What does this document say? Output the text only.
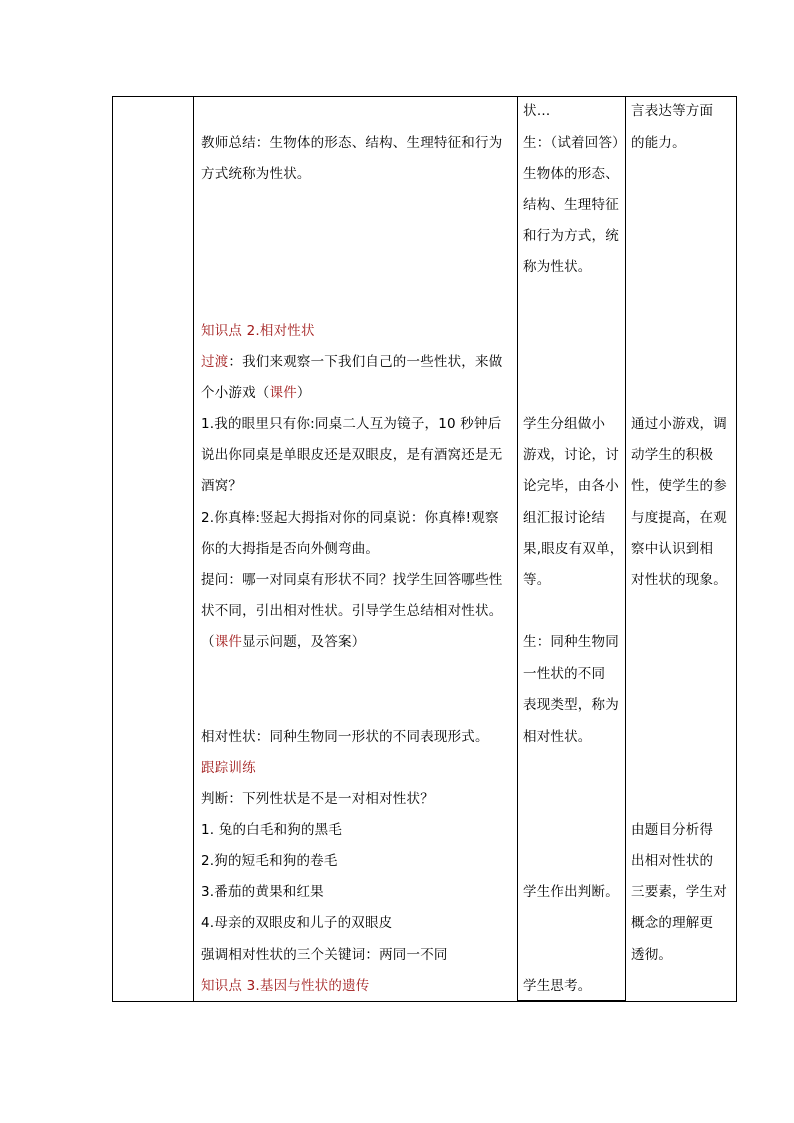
教师总结：生物体的形态、结构、生理特征和行为
方式统称为性状。
知识点 2.相对性状
过渡：我们来观察一下我们自己的一些性状，来做
个小游戏（课件）
1.我的眼里只有你:同桌二人互为镜子，10 秒钟后
说出你同桌是单眼皮还是双眼皮，是有酒窝还是无
酒窝？
2.你真棒:竖起大拇指对你的同桌说：你真棒!观察
你的大拇指是否向外侧弯曲。
提问：哪一对同桌有形状不同？找学生回答哪些性
状不同，引出相对性状。引导学生总结相对性状。
（课件显示问题，及答案）
相对性状：同种生物同一形状的不同表现形式。
跟踪训练
判断：下列性状是不是一对相对性状？
1. 兔的白毛和狗的黑毛
2.狗的短毛和狗的卷毛
3.番茄的黄果和红果
4.母亲的双眼皮和儿子的双眼皮
强调相对性状的三个关键词：两同一不同
知识点 3.基因与性状的遗传
状…
生：（试着回答）
生物体的形态、
结构、生理特征
和行为方式，统
称为性状。
学生分组做小
游戏，讨论，讨
论完毕，由各小
组汇报讨论结
果,眼皮有双单，
等。
生：同种生物同
一性状的不同
表现类型，称为
相对性状。
学生作出判断。
学生思考。
言表达等方面
的能力。
通过小游戏，调
动学生的积极
性，使学生的参
与度提高，在观
察中认识到相
对性状的现象。
由题目分析得
出相对性状的
三要素，学生对
概念的理解更
透彻。
